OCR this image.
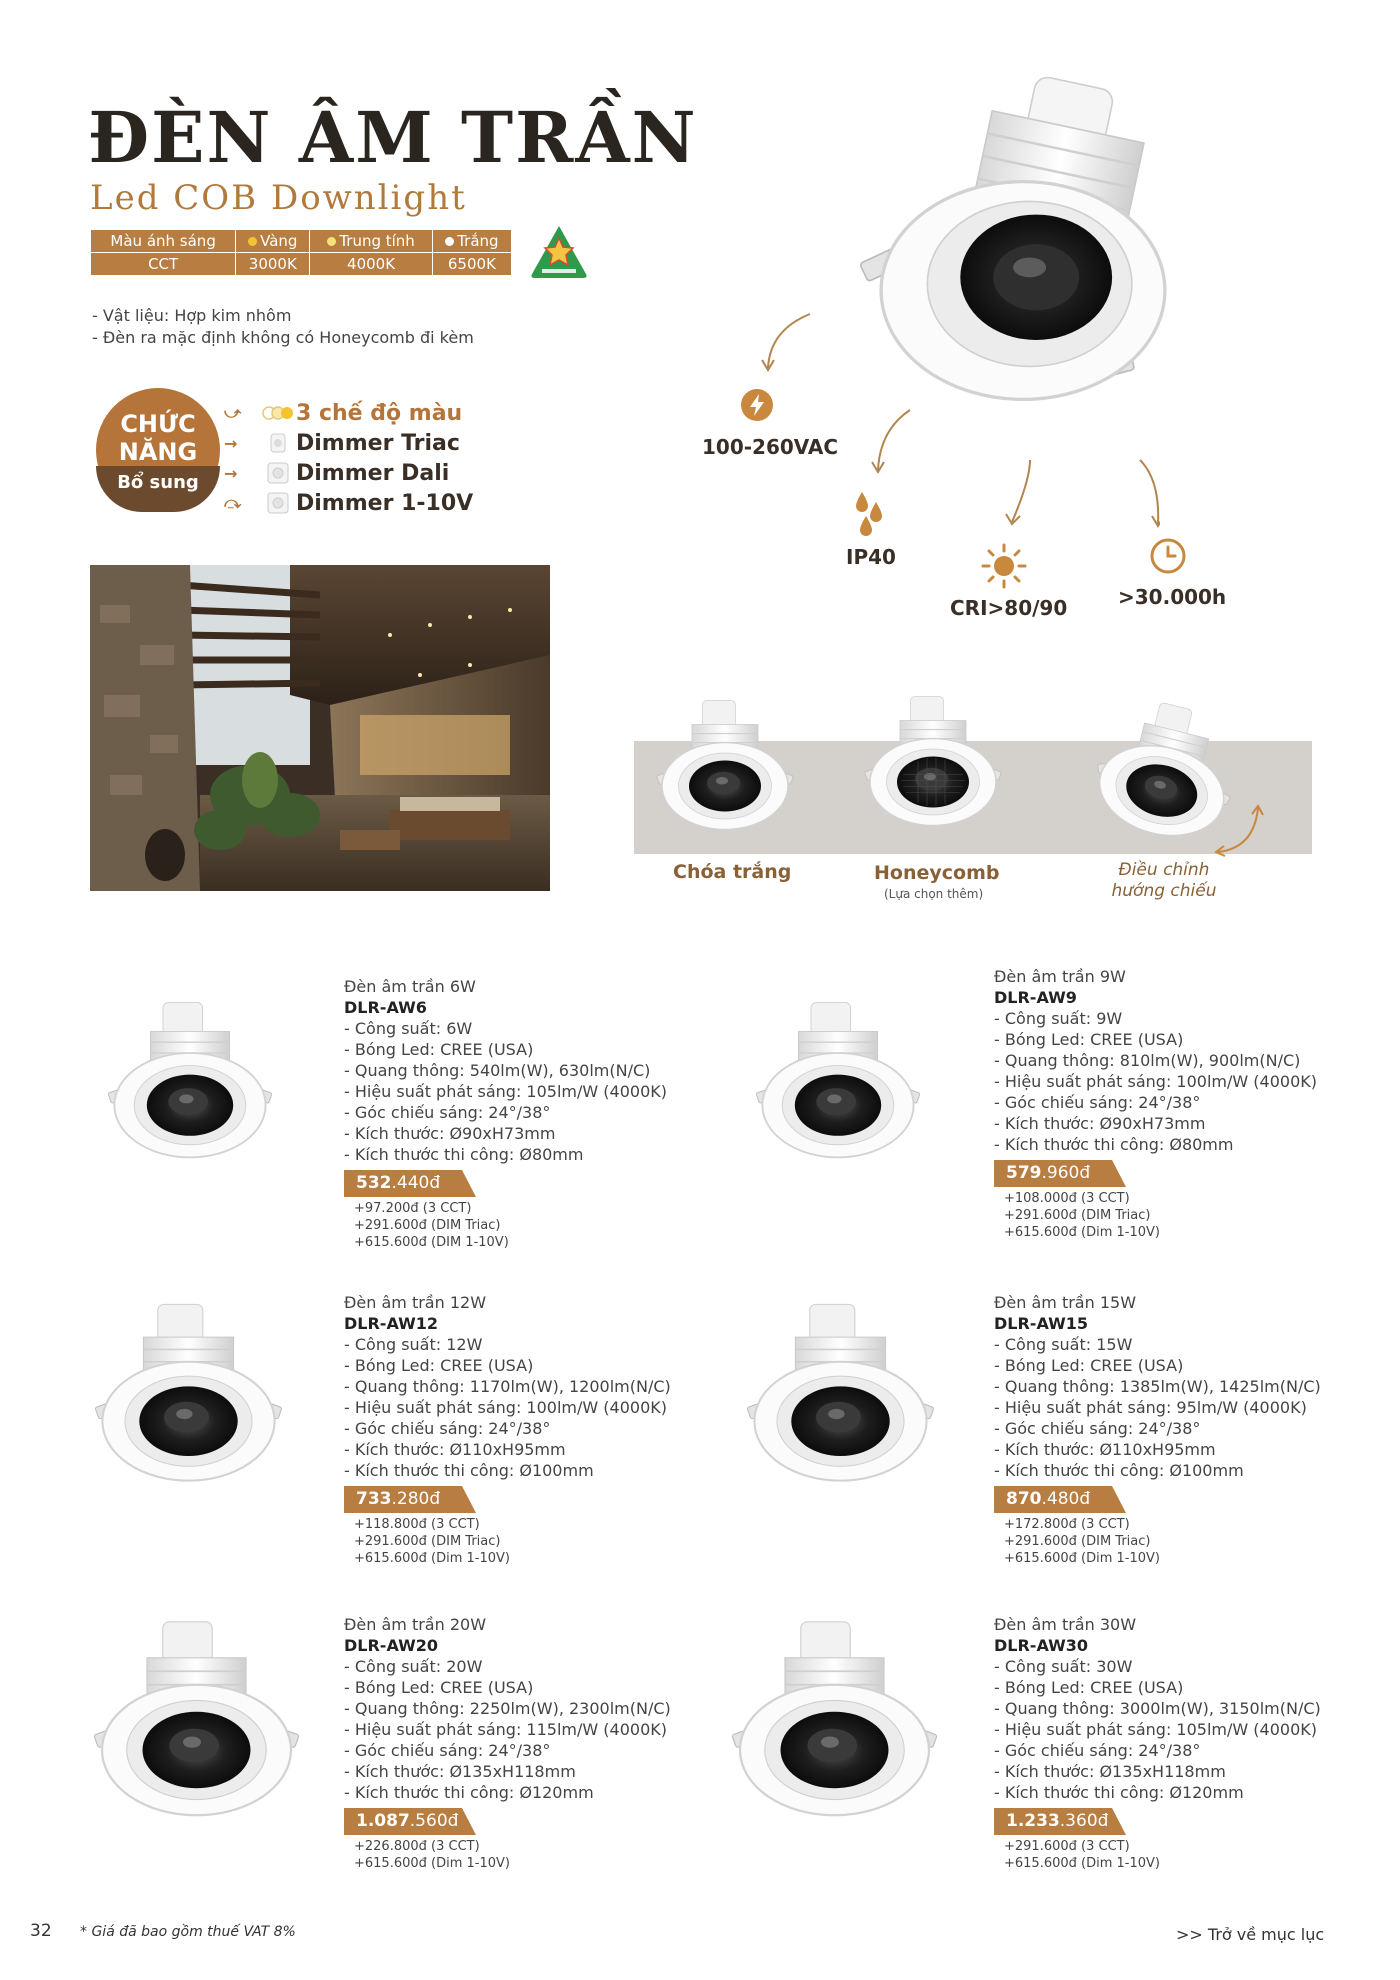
ĐÈN ÂM TRẦN
Led COB Downlight
Màu ánh sáng	Vàng	Trung tính	Trắng
CCT	3000K	4000K	6500K
- Vật liệu: Hợp kim nhôm
- Đèn ra mặc định không có Honeycomb đi kèm
CHỨC NĂNG
Bổ sung
⤻	3 chế độ màu
→	Dimmer Triac
→	Dimmer Dali
⤼	Dimmer 1-10V
100-260VAC
IP40
CRI>80/90	>30.000h
Chóa trắng	Honeycomb
(Lựa chọn thêm)
Điều chỉnh
hướng chiếu
Đèn âm trần 6W
DLR-AW6
- Công suất: 6W
- Bóng Led: CREE (USA)
- Quang thông: 540lm(W), 630lm(N/C)
- Hiệu suất phát sáng: 105lm/W (4000K)
- Góc chiếu sáng: 24°/38°
- Kích thước: Ø90xH73mm
- Kích thước thi công: Ø80mm
532.440đ
+97.200đ (3 CCT)
+291.600đ (DIM Triac)
+615.600đ (DIM 1-10V)
Đèn âm trần 9W
DLR-AW9
- Công suất: 9W
- Bóng Led: CREE (USA)
- Quang thông: 810lm(W), 900lm(N/C)
- Hiệu suất phát sáng: 100lm/W (4000K)
- Góc chiếu sáng: 24°/38°
- Kích thước: Ø90xH73mm
- Kích thước thi công: Ø80mm
579.960đ
+108.000đ (3 CCT)
+291.600đ (DIM Triac)
+615.600đ (Dim 1-10V)
Đèn âm trần 12W
DLR-AW12
- Công suất: 12W
- Bóng Led: CREE (USA)
- Quang thông: 1170lm(W), 1200lm(N/C)
- Hiệu suất phát sáng: 100lm/W (4000K)
- Góc chiếu sáng: 24°/38°
- Kích thước: Ø110xH95mm
- Kích thước thi công: Ø100mm
733.280đ
+118.800đ (3 CCT)
+291.600đ (DIM Triac)
+615.600đ (Dim 1-10V)
Đèn âm trần 15W
DLR-AW15
- Công suất: 15W
- Bóng Led: CREE (USA)
- Quang thông: 1385lm(W), 1425lm(N/C)
- Hiệu suất phát sáng: 95lm/W (4000K)
- Góc chiếu sáng: 24°/38°
- Kích thước: Ø110xH95mm
- Kích thước thi công: Ø100mm
870.480đ
+172.800đ (3 CCT)
+291.600đ (DIM Triac)
+615.600đ (Dim 1-10V)
Đèn âm trần 20W
DLR-AW20
- Công suất: 20W
- Bóng Led: CREE (USA)
- Quang thông: 2250lm(W), 2300lm(N/C)
- Hiệu suất phát sáng: 115lm/W (4000K)
- Góc chiếu sáng: 24°/38°
- Kích thước: Ø135xH118mm
- Kích thước thi công: Ø120mm
1.087.560đ
+226.800đ (3 CCT)
+615.600đ (Dim 1-10V)
Đèn âm trần 30W
DLR-AW30
- Công suất: 30W
- Bóng Led: CREE (USA)
- Quang thông: 3000lm(W), 3150lm(N/C)
- Hiệu suất phát sáng: 105lm/W (4000K)
- Góc chiếu sáng: 24°/38°
- Kích thước: Ø135xH118mm
- Kích thước thi công: Ø120mm
1.233.360đ
+291.600đ (3 CCT)
+615.600đ (Dim 1-10V)
32 * Giá đã bao gồm thuế VAT 8%	>> Trở về mục lục
